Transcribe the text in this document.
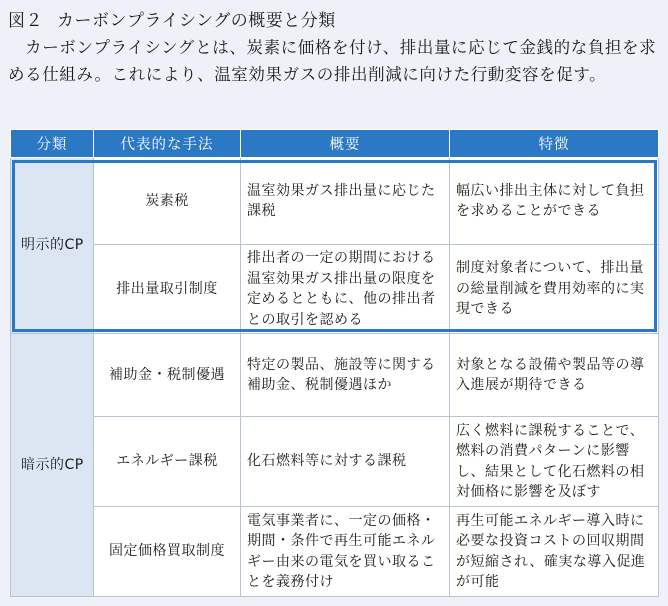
図２ カーボンプライシングの概要と分類
　カーボンプライシングとは、炭素に価格を付け、排出量に応じて金銭的な負担を求める仕組み。これにより、温室効果ガスの排出削減に向けた行動変容を促す。
分類	代表的な手法	概要	特徴
明示的CP	炭素税	温室効果ガス排出量に応じた課税	幅広い排出主体に対して負担を求めることができる
	排出量取引制度	排出者の一定の期間における温室効果ガス排出量の限度を定めるとともに、他の排出者との取引を認める	制度対象者について、排出量の総量削減を費用効率的に実現できる
暗示的CP	補助金・税制優遇	特定の製品、施設等に関する補助金、税制優遇ほか	対象となる設備や製品等の導入進展が期待できる
	エネルギー課税	化石燃料等に対する課税	広く燃料に課税することで、燃料の消費パターンに影響し、結果として化石燃料の相対価格に影響を及ぼす
	固定価格買取制度	電気事業者に、一定の価格・期間・条件で再生可能エネルギー由来の電気を買い取ることを義務付け	再生可能エネルギー導入時に必要な投資コストの回収期間が短縮され、確実な導入促進が可能
